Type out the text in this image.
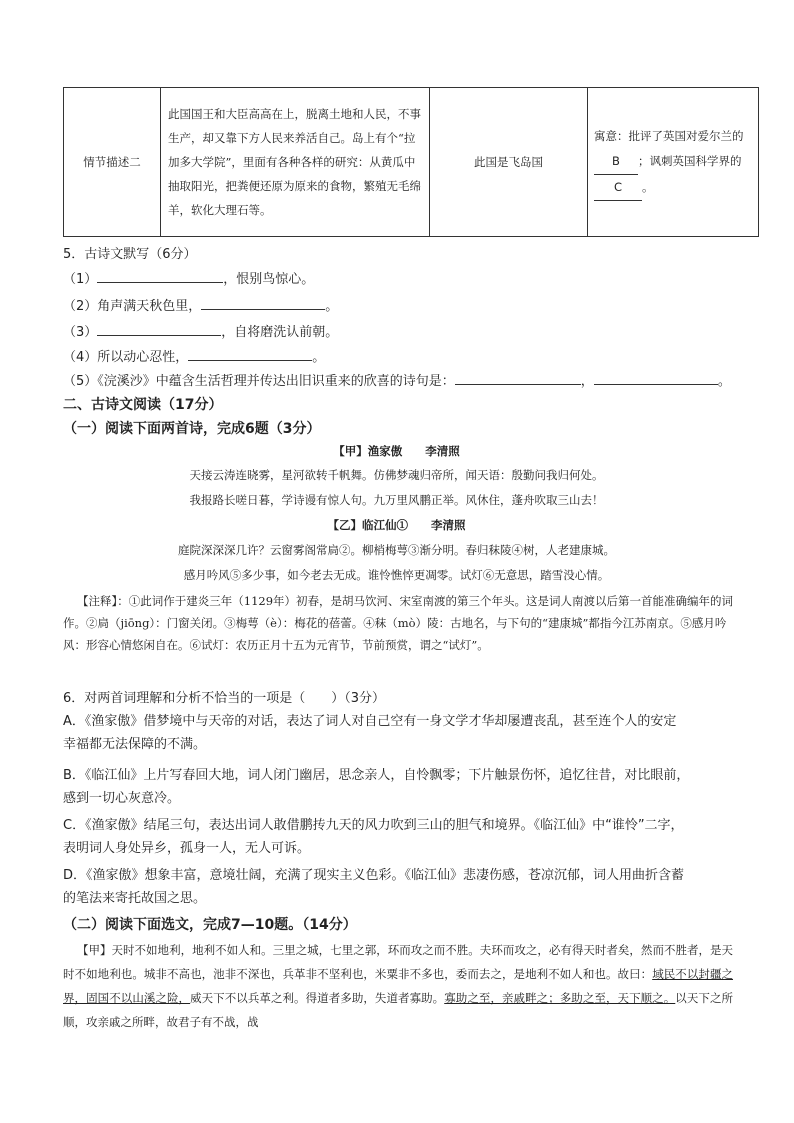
情节描述二	此国国王和大臣高高在上，脱离土地和人民，不事生产，却又靠下方人民来养活自己。岛上有个“拉加多大学院”，里面有各种各样的研究：从黄瓜中抽取阳光，把粪便还原为原来的食物，繁殖无毛绵羊，软化大理石等。	此国是飞岛国	寓意：批评了英国对爱尔兰的B ；讽刺英国科学界的C 。
5．古诗文默写（6分）
（1）	，恨别鸟惊心。
（2）角声满天秋色里，	。
（3）	，自将磨洗认前朝。
（4）所以动心忍性，	。
（5）《浣溪沙》中蕴含生活哲理并传达出旧识重来的欣喜的诗句是：	，	。
二、古诗文阅读（17分）
（一）阅读下面两首诗，完成6题（3分）
【甲】渔家傲　　李清照
天接云涛连晓雾，星河欲转千帆舞。仿佛梦魂归帝所，闻天语：殷勤问我归何处。
我报路长嗟日暮，学诗谩有惊人句。九万里风鹏正举。风休住，蓬舟吹取三山去！
【乙】临江仙①　　李清照
庭院深深深几许？云窗雾阁常扃②。柳梢梅萼③渐分明。春归秣陵④树，人老建康城。
感月吟风⑤多少事，如今老去无成。谁怜憔悴更凋零。试灯⑥无意思，踏雪没心情。
【注释】：①此词作于建炎三年（1129年）初春，是胡马饮河、宋室南渡的第三个年头。这是词人南渡以后第一首能准确编年的词作。②扃（jiōng）：门窗关闭。③梅萼（è）：梅花的蓓蕾。④秣（mò）陵：古地名，与下句的“建康城”都指今江苏南京。⑤感月吟风：形容心情悠闲自在。⑥试灯：农历正月十五为元宵节，节前预赏，谓之“试灯”。
6．对两首词理解和分析不恰当的一项是（　　）（3分）
A．《渔家傲》借梦境中与天帝的对话，表达了词人对自己空有一身文学才华却屡遭丧乱，甚至连个人的安定
幸福都无法保障的不满。
B．《临江仙》上片写春回大地，词人闭门幽居，思念亲人，自怜飘零；下片触景伤怀，追忆往昔，对比眼前，
感到一切心灰意冷。
C．《渔家傲》结尾三句，表达出词人敢借鹏抟九天的风力吹到三山的胆气和境界。《临江仙》中“谁怜”二字，
表明词人身处异乡，孤身一人，无人可诉。
D．《渔家傲》想象丰富，意境壮阔，充满了现实主义色彩。《临江仙》悲凄伤感，苍凉沉郁，词人用曲折含蓄
的笔法来寄托故国之思。
（二）阅读下面选文，完成7—10题。（14分）
【甲】天时不如地利，地利不如人和。三里之城，七里之郭，环而攻之而不胜。夫环而攻之，必有得天时者矣，然而不胜者，是天时不如地利也。城非不高也，池非不深也，兵革非不坚利也，米粟非不多也，委而去之，是地利不如人和也。故曰：域民不以封疆之界，固国不以山溪之险，威天下不以兵革之利。得道者多助，失道者寡助。寡助之至，亲戚畔之；多助之至，天下顺之。以天下之所顺，攻亲戚之所畔，故君子有不战，战
